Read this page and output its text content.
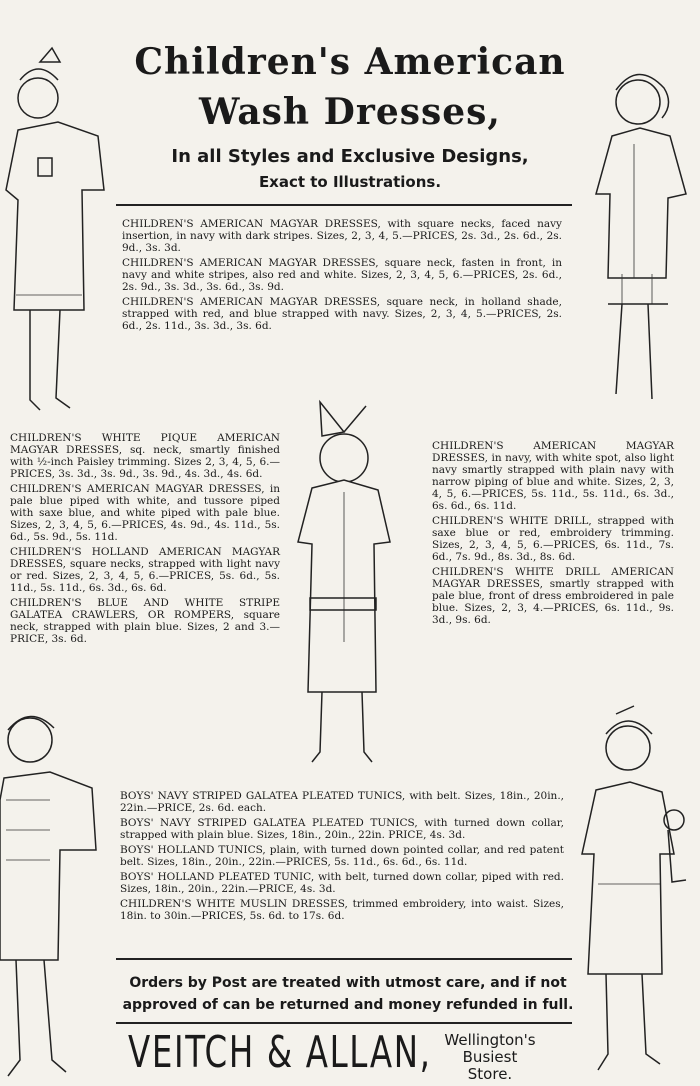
Children's American
Wash Dresses,
In all Styles and Exclusive Designs,
Exact to Illustrations.

CHILDREN'S AMERICAN MAGYAR DRESSES, with square necks, faced navy insertion, in navy with dark stripes. Sizes, 2, 3, 4, 5.—PRICES, 2s. 3d., 2s. 6d., 2s. 9d., 3s. 3d.

CHILDREN'S AMERICAN MAGYAR DRESSES, square neck, fasten in front, in navy and white stripes, also red and white. Sizes, 2, 3, 4, 5, 6.—PRICES, 2s. 6d., 2s. 9d., 3s. 3d., 3s. 6d., 3s. 9d.

CHILDREN'S AMERICAN MAGYAR DRESSES, square neck, in holland shade, strapped with red, and blue strapped with navy. Sizes, 2, 3, 4, 5.—PRICES, 2s. 6d., 2s. 11d., 3s. 3d., 3s. 6d.

CHILDREN'S WHITE PIQUE AMERICAN MAGYAR DRESSES, sq. neck, smartly finished with ½-inch Paisley trimming. Sizes 2, 3, 4, 5, 6.—PRICES, 3s. 3d., 3s. 9d., 3s. 9d., 4s. 3d., 4s. 6d.

CHILDREN'S AMERICAN MAGYAR DRESSES, in pale blue piped with white, and tussore piped with saxe blue, and white piped with pale blue. Sizes, 2, 3, 4, 5, 6.—PRICES, 4s. 9d., 4s. 11d., 5s. 6d., 5s. 9d., 5s. 11d.

CHILDREN'S HOLLAND AMERICAN MAGYAR DRESSES, square necks, strapped with light navy or red. Sizes, 2, 3, 4, 5, 6.—PRICES, 5s. 6d., 5s. 11d., 5s. 11d., 6s. 3d., 6s. 6d.

CHILDREN'S BLUE AND WHITE STRIPE GALATEA CRAWLERS, OR ROMPERS, square neck, strapped with plain blue. Sizes, 2 and 3.—PRICE, 3s. 6d.

CHILDREN'S AMERICAN MAGYAR DRESSES, in navy, with white spot, also light navy smartly strapped with plain navy with narrow piping of blue and white. Sizes, 2, 3, 4, 5, 6.—PRICES, 5s. 11d., 5s. 11d., 6s. 3d., 6s. 6d., 6s. 11d.

CHILDREN'S WHITE DRILL, strapped with saxe blue or red, embroidery trimming. Sizes, 2, 3, 4, 5, 6.—PRICES, 6s. 11d., 7s. 6d., 7s. 9d., 8s. 3d., 8s. 6d.

CHILDREN'S WHITE DRILL AMERICAN MAGYAR DRESSES, smartly strapped with pale blue, front of dress embroidered in pale blue. Sizes, 2, 3, 4.—PRICES, 6s. 11d., 9s. 3d., 9s. 6d.

BOYS' NAVY STRIPED GALATEA PLEATED TUNICS, with belt. Sizes, 18in., 20in., 22in.—PRICE, 2s. 6d. each.

BOYS' NAVY STRIPED GALATEA PLEATED TUNICS, with turned down collar, strapped with plain blue. Sizes, 18in., 20in., 22in. PRICE, 4s. 3d.

BOYS' HOLLAND TUNICS, plain, with turned down pointed collar, and red patent belt. Sizes, 18in., 20in., 22in.—PRICES, 5s. 11d., 6s. 6d., 6s. 11d.

BOYS' HOLLAND PLEATED TUNIC, with belt, turned down collar, piped with red. Sizes, 18in., 20in., 22in.—PRICE, 4s. 3d.

CHILDREN'S WHITE MUSLIN DRESSES, trimmed embroidery, into waist. Sizes, 18in. to 30in.—PRICES, 5s. 6d. to 17s. 6d.

Orders by Post are treated with utmost care, and if not
approved of can be returned and money refunded in full.
VEITCH & ALLAN, Wellington's
Busiest
Store.
